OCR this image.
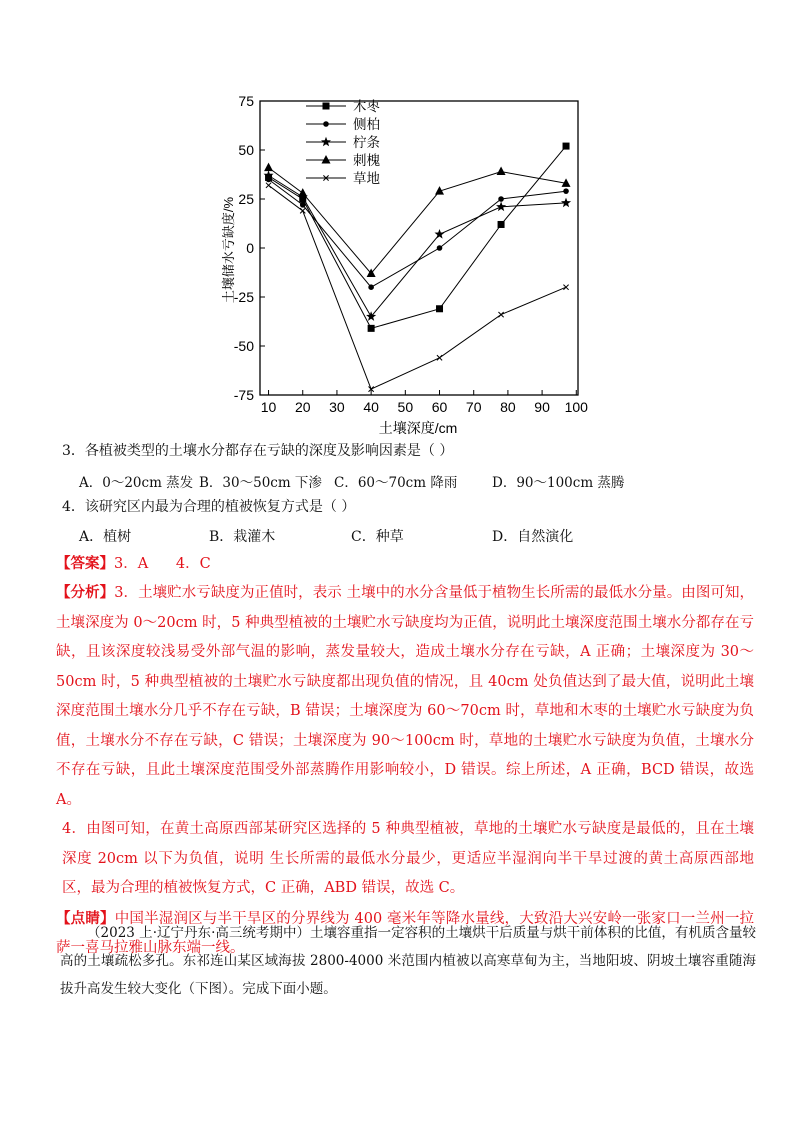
75
50
25
0
-25
-50
-75
10 20 30 40 50 60 70 80 90 100
木枣
侧柏
柠条
刺槐
草地
土壤深度/cm
土壤储水亏缺度/%
3．各植被类型的土壤水分都存在亏缺的深度及影响因素是（ ）
A．0～20cm 蒸发 B．30～50cm 下渗 C．60～70cm 降雨	D．90～100cm 蒸腾
4．该研究区内最为合理的植被恢复方式是（ ）
A．植树	B．栽灌木	C．种草	D．自然演化
【答案】3．A      4．C

【分析】3．土壤贮水亏缺度为正值时，表示 土壤中的水分含量低于植物生长所需的最低水分量。由图可知，土壤深度为 0～20cm 时，5 种典型植被的土壤贮水亏缺度均为正值，说明此土壤深度范围土壤水分都存在亏缺，且该深度较浅易受外部气温的影响，蒸发量较大，造成土壤水分存在亏缺，A 正确；土壤深度为 30～50cm 时，5 种典型植被的土壤贮水亏缺度都出现负值的情况，且 40cm 处负值达到了最大值，说明此土壤深度范围土壤水分几乎不存在亏缺，B 错误；土壤深度为 60～70cm 时，草地和木枣的土壤贮水亏缺度为负值，土壤水分不存在亏缺，C 错误；土壤深度为 90～100cm 时，草地的土壤贮水亏缺度为负值，土壤水分不存在亏缺，且此土壤深度范围受外部蒸腾作用影响较小，D 错误。综上所述，A 正确，BCD 错误，故选 A。

4．由图可知，在黄土高原西部某研究区选择的 5 种典型植被，草地的土壤贮水亏缺度是最低的，且在土壤深度 20cm 以下为负值，说明 生长所需的最低水分最少，更适应半湿润向半干旱过渡的黄土高原西部地区，最为合理的植被恢复方式，C 正确，ABD 错误，故选 C。

【点睛】中国半湿润区与半干旱区的分界线为 400 毫米年等降水量线，大致沿大兴安岭一张家口一兰州一拉萨一喜马拉雅山脉东端一线。

（2023 上·辽宁丹东·高三统考期中）土壤容重指一定容积的土壤烘干后质量与烘干前体积的比值，有机质含量较高的土壤疏松多孔。东祁连山某区域海拔 2800-4000 米范围内植被以高寒草甸为主，当地阳坡、阴坡土壤容重随海拔升高发生较大变化（下图）。完成下面小题。
